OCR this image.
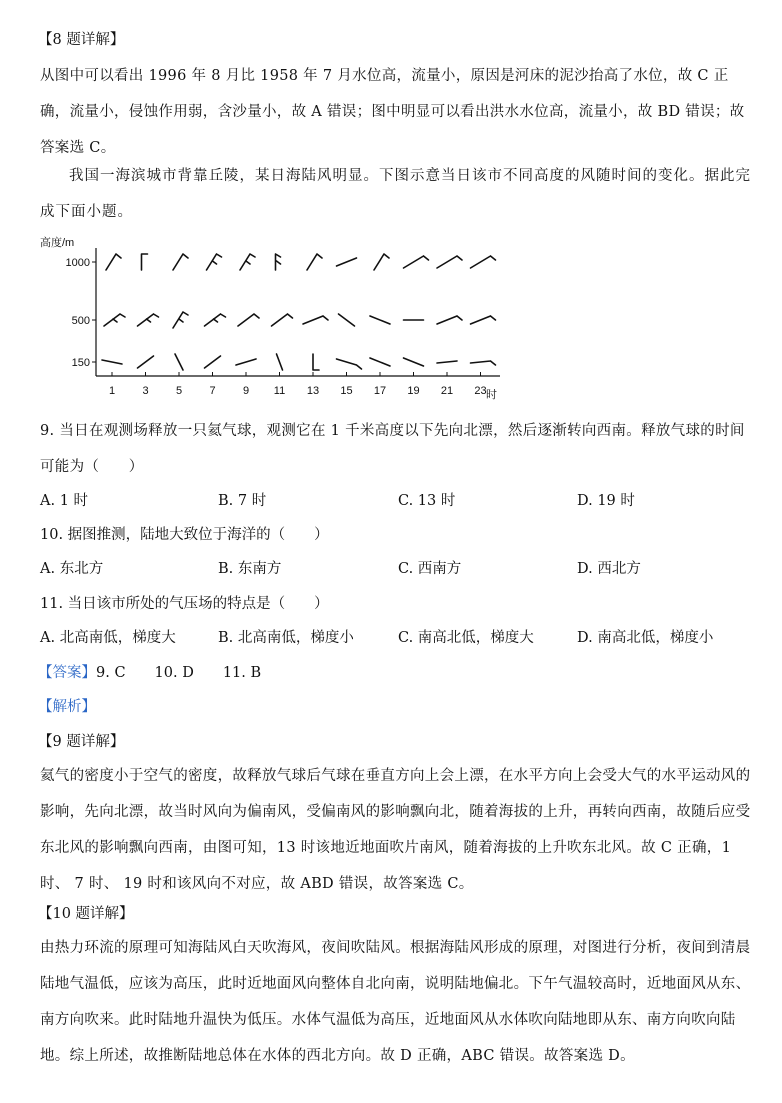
【8 题详解】
从图中可以看出 1996 年 8 月比 1958 年 7 月水位高，流量小，原因是河床的泥沙抬高了水位，故 C 正确，流量小，侵蚀作用弱，含沙量小，故 A 错误；图中明显可以看出洪水水位高，流量小，故 BD 错误；故答案选 C。
我国一海滨城市背靠丘陵，某日海陆风明显。下图示意当日该市不同高度的风随时间的变化。据此完成下面小题。
高度/m
1000
500
150
1 3 5 7 9 11 13 15 17 19 21 23 时
9. 当日在观测场释放一只氦气球，观测它在 1 千米高度以下先向北漂，然后逐渐转向西南。释放气球的时间可能为（　　）
A. 1 时	B. 7 时	C. 13 时	D. 19 时
10. 据图推测，陆地大致位于海洋的（　　）
A. 东北方	B. 东南方	C. 西南方	D. 西北方
11. 当日该市所处的气压场的特点是（　　）
A. 北高南低，梯度大	B. 北高南低，梯度小	C. 南高北低，梯度大	D. 南高北低，梯度小
【答案】9. C　　10. D　　11. B
【解析】
【9 题详解】
氦气的密度小于空气的密度，故释放气球后气球在垂直方向上会上漂，在水平方向上会受大气的水平运动风的影响，先向北漂，故当时风向为偏南风，受偏南风的影响飘向北，随着海拔的上升，再转向西南，故随后应受东北风的影响飘向西南，由图可知，13 时该地近地面吹片南风，随着海拔的上升吹东北风。故 C 正确，1 时、 7 时、 19 时和该风向不对应，故 ABD 错误，故答案选 C。
【10 题详解】
由热力环流的原理可知海陆风白天吹海风，夜间吹陆风。根据海陆风形成的原理，对图进行分析，夜间到清晨陆地气温低，应该为高压，此时近地面风向整体自北向南，说明陆地偏北。下午气温较高时，近地面风从东、南方向吹来。此时陆地升温快为低压。水体气温低为高压，近地面风从水体吹向陆地即从东、南方向吹向陆地。综上所述，故推断陆地总体在水体的西北方向。故 D 正确，ABC 错误。故答案选 D。
